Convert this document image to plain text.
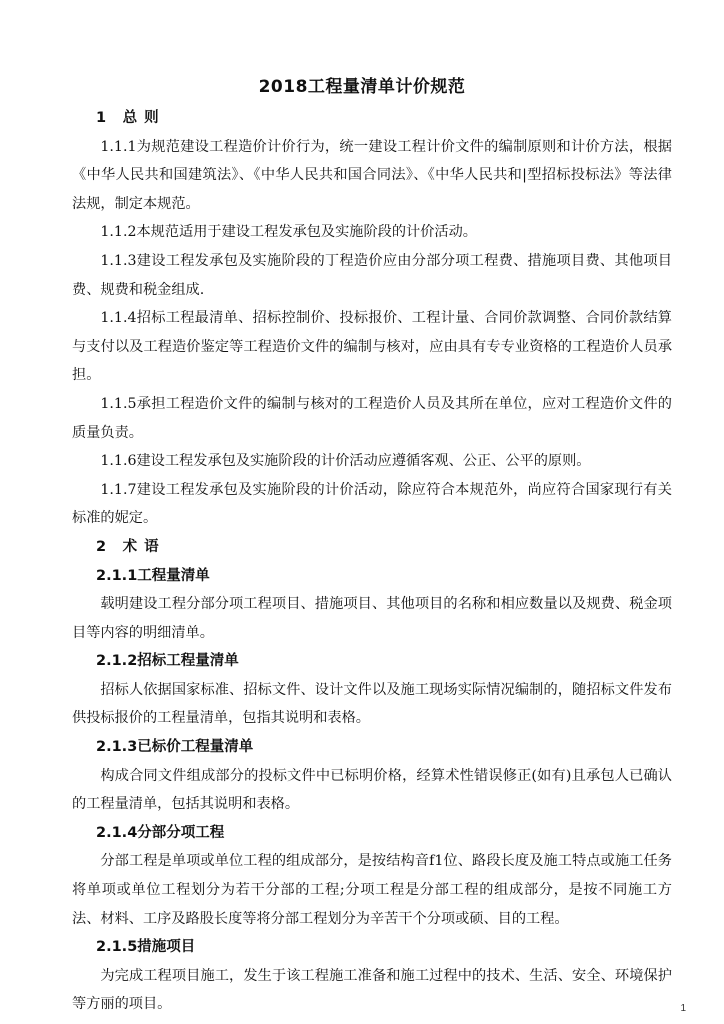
2018工程量清单计价规范

1　总 则

1.1.1为规范建设工程造价计价行为，统一建设工程计价文件的编制原则和计价方法，根据《中华人民共和国建筑法》、《中华人民共和国合同法》、《中华人民共和|型招标投标法》等法律法规，制定本规范。

1.1.2本规范适用于建设工程发承包及实施阶段的计价活动。

1.1.3建设工程发承包及实施阶段的丁程造价应由分部分项工程费、措施项目费、其他项目费、规费和税金组成.

1.1.4招标工程最清单、招标控制价、投标报价、工程计量、合同价款调整、合同价款结算与支付以及工程造价鉴定等工程造价文件的编制与核对，应由具有专专业资格的工程造价人员承担。

1.1.5承担工程造价文件的编制与核对的工程造价人员及其所在单位，应对工程造价文件的质量负责。

1.1.6建设工程发承包及实施阶段的计价活动应遵循客观、公正、公平的原则。

1.1.7建设工程发承包及实施阶段的计价活动，除应符合本规范外，尚应符合国家现行有关标准的妮定。

2　术 语

2.1.1工程量清单

载明建设工程分部分项工程项目、措施项目、其他项目的名称和相应数量以及规费、税金项目等内容的明细清单。

2.1.2招标工程量清单

招标人依据国家标准、招标文件、设计文件以及施工现场实际情况编制的，随招标文件发布供投标报价的工程量清单，包指其说明和表格。

2.1.3已标价工程量清单

构成合同文件组成部分的投标文件中已标明价格，经算术性错误修正(如有)且承包人已确认的工程量清单，包括其说明和表格。

2.1.4分部分项工程

分部工程是单项或单位工程的组成部分，是按结构音f1位、路段长度及施工特点或施工任务将单项或单位工程划分为若干分部的工程;分项工程是分部工程的组成部分，是按不同施工方法、材料、工序及路股长度等将分部工程划分为辛苦干个分项或硕、目的工程。

2.1.5措施项目

为完成工程项目施工，发生于该工程施工准备和施工过程中的技术、生活、安全、环境保护等方丽的项目。	1
